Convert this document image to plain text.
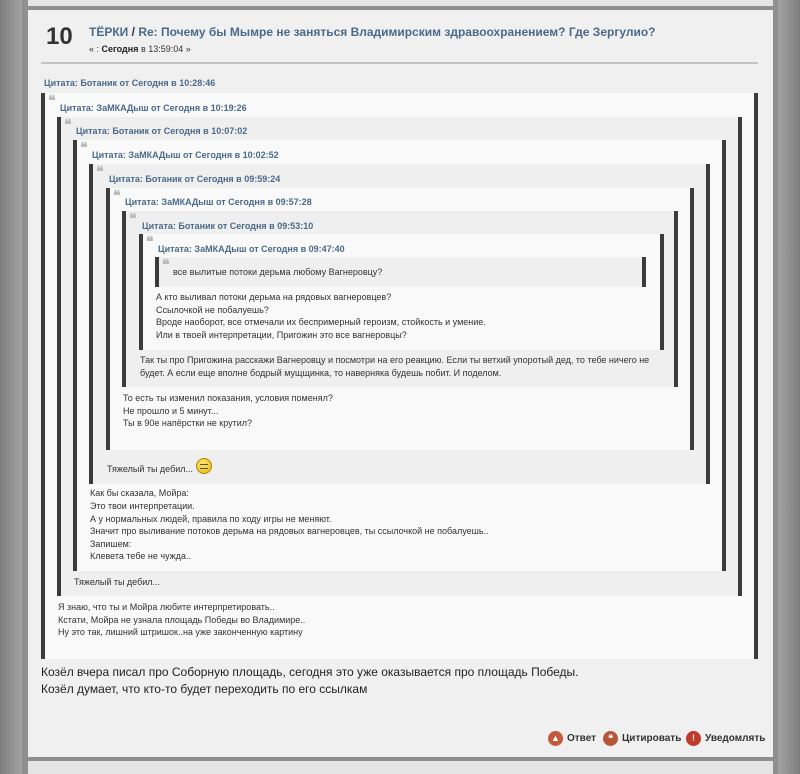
10 ТЁРКИ / Re: Почему бы Мымре не заняться Владимирским здравоохранением? Где Зергулио?
« : Сегодня в 13:59:04 »
Цитата: Ботаник от Сегодня в 10:28:46
❝ Цитата: ЗаМКАДыш от Сегодня в 10:19:26
❝ Цитата: Ботаник от Сегодня в 10:07:02
❝ Цитата: ЗаМКАДыш от Сегодня в 10:02:52
❝ Цитата: Ботаник от Сегодня в 09:59:24
❝ Цитата: ЗаМКАДыш от Сегодня в 09:57:28
❝ Цитата: Ботаник от Сегодня в 09:53:10
❝ Цитата: ЗаМКАДыш от Сегодня в 09:47:40
❝ все вылитые потоки дерьма любому Вагнеровцу?
А кто выливал потоки дерьма на рядовых вагнеровцев?
Ссылочкой не побалуешь?
Вроде наоборот, все отмечали их беспримерный героизм, стойкость и умение.
Или в твоей интерпретации, Пригожин это все вагнеровцы?
Так ты про Пригожина расскажи Вагнеровцу и посмотри на его реакцию. Если ты ветхий упоротый дед, то тебе ничего не
будет. А если еще вполне бодрый мущщинка, то наверняка будешь побит. И поделом.
То есть ты изменил показания, условия поменял?
Не прошло и 5 минут...
Ты в 90е напёрстки не крутил?
Тяжелый ты дебил...
Как бы сказала, Мойра:
Это твои интерпретации.
А у нормальных людей, правила по ходу игры не меняют.
Значит про выливание потоков дерьма на рядовых вагнеровцев, ты ссылочкой не побалуешь..
Запишем:
Клевета тебе не чужда..
Тяжелый ты дебил...
Я знаю, что ты и Мойра любите интерпретировать..
Кстати, Мойра не узнала площадь Победы во Владимире..
Ну это так, лишний штришок..на уже законченную картину
Козёл вчера писал про Соборную площадь, сегодня это уже оказывается про площадь Победы.
Козёл думает, что кто-то будет переходить по его ссылкам
▲ Ответ	❝ Цитировать	!	Уведомлять
